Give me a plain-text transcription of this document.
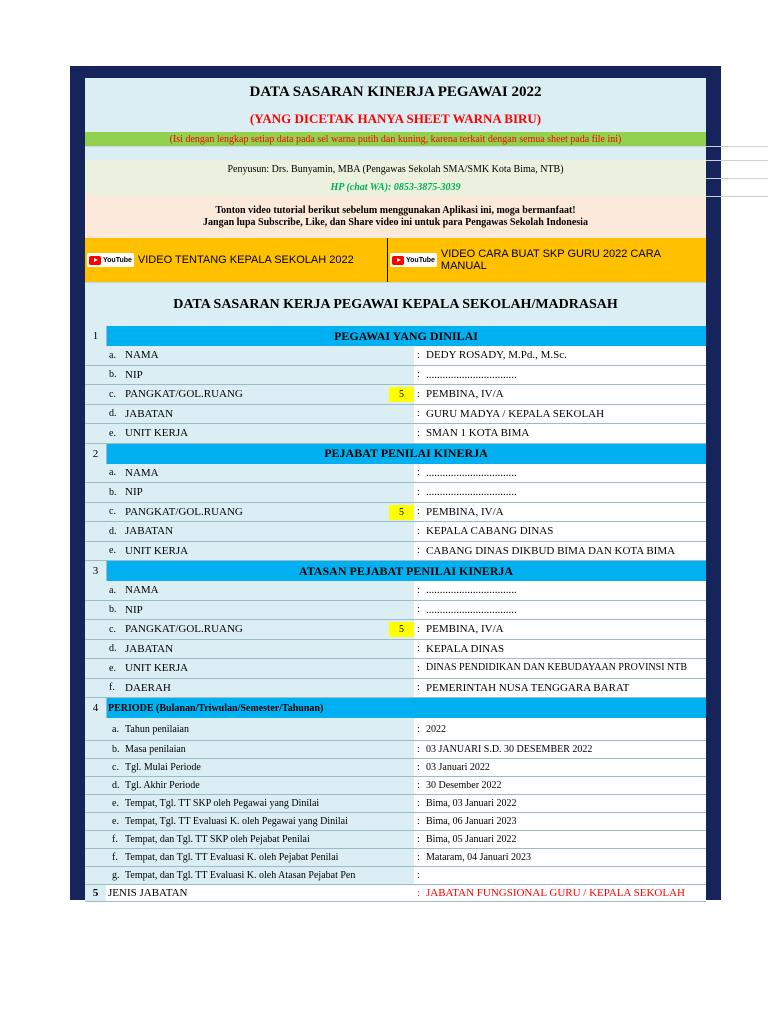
DATA SASARAN KINERJA PEGAWAI 2022
(YANG DICETAK HANYA SHEET WARNA BIRU)
(Isi dengan lengkap setiap data pada sel warna putih dan kuning, karena terkait dengan semua sheet pada file ini)
Penyusun: Drs. Bunyamin, MBA (Pengawas Sekolah SMA/SMK Kota Bima, NTB)
HP (chat WA): 0853-3875-3039
Tonton video tutorial berikut sebelum menggunakan Aplikasi ini, moga bermanfaat!
Jangan lupa Subscribe, Like, dan Share video ini untuk para Pengawas Sekolah Indonesia
YouTube VIDEO TENTANG KEPALA SEKOLAH 2022	YouTube VIDEO CARA BUAT SKP GURU 2022 CARA MANUAL
DATA SASARAN KERJA PEGAWAI KEPALA SEKOLAH/MADRASAH
1	PEGAWAI YANG DINILAI
a. NAMA	DEDY ROSADY, M.Pd., M.Sc.
:
b. NIP	.................................
:
c. PANGKAT/GOL.RUANG	5	PEMBINA, IV/A
:
d. JABATAN	GURU MADYA / KEPALA SEKOLAH
:
e. UNIT KERJA	SMAN 1 KOTA BIMA
:
2	PEJABAT PENILAI KINERJA
a. NAMA	.................................
:
b. NIP	.................................
:
c. PANGKAT/GOL.RUANG	5	PEMBINA, IV/A
:
d. JABATAN	KEPALA CABANG DINAS
:
e. UNIT KERJA	CABANG DINAS DIKBUD BIMA DAN KOTA BIMA
:
3	ATASAN PEJABAT PENILAI KINERJA
a. NAMA	.................................
:
b. NIP	.................................
:
c. PANGKAT/GOL.RUANG	5	PEMBINA, IV/A
:
d. JABATAN	KEPALA DINAS
:
e. UNIT KERJA	DINAS PENDIDIKAN DAN KEBUDAYAAN PROVINSI NTB
:
f. DAERAH	PEMERINTAH NUSA TENGGARA BARAT
:
4 PERIODE (Bulanan/Triwulan/Semester/Tahunan)
a. Tahun penilaian	2022
:
b. Masa penilaian	03 JANUARI S.D. 30 DESEMBER 2022
:
c. Tgl. Mulai Periode	03 Januari 2022
:
d. Tgl. Akhir Periode	30 Desember 2022
:
e. Tempat, Tgl. TT SKP oleh Pegawai yang Dinilai	Bima, 03 Januari 2022
:
e. Tempat, Tgl. TT Evaluasi K. oleh Pegawai yang Dinilai	Bima, 06 Januari 2023
:
f. Tempat, dan Tgl. TT SKP oleh Pejabat Penilai	Bima, 05 Januari 2022
:
f. Tempat, dan Tgl. TT Evaluasi K. oleh Pejabat Penilai	Mataram, 04 Januari 2023
:
g. Tempat, dan Tgl. TT Evaluasi K. oleh Atasan Pejabat Pen	:
5 JENIS JABATAN	JABATAN FUNGSIONAL GURU / KEPALA SEKOLAH
:
